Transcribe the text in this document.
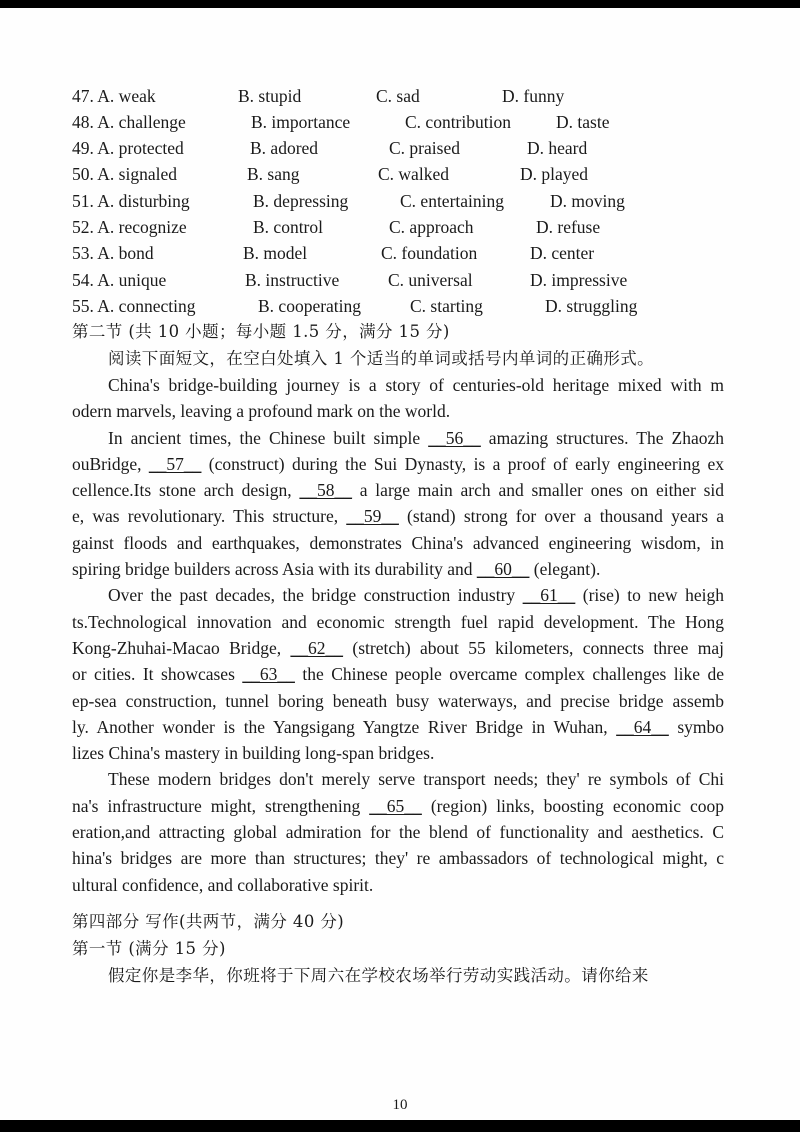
47. A. weak	B. stupid	C. sad	D. funny
48. A. challenge	B. importance	C. contribution	D. taste
49. A. protected	B. adored	C. praised	D. heard
50. A. signaled	B. sang	C. walked	D. played
51. A. disturbing	B. depressing	C. entertaining	D. moving
52. A. recognize	B. control	C. approach	D. refuse
53. A. bond	B. model	C. foundation	D. center
54. A. unique	B. instructive	C. universal	D. impressive
55. A. connecting	B. cooperating	C. starting	D. struggling
第二节 (共 10 小题；每小题 1.5 分，满分 15 分)
阅读下面短文，在空白处填入 1 个适当的单词或括号内单词的正确形式。
China's bridge-building journey is a story of centuries-old heritage mixed with m
odern marvels, leaving a profound mark on the world.
In ancient times, the Chinese built simple __56__ amazing structures. The Zhaozh
ouBridge, __57__ (construct) during the Sui Dynasty, is a proof of early engineering ex
cellence.Its stone arch design, __58__ a large main arch and smaller ones on either sid
e, was revolutionary. This structure, __59__ (stand) strong for over a thousand years a
gainst floods and earthquakes, demonstrates China's advanced engineering wisdom, in
spiring bridge builders across Asia with its durability and __60__ (elegant).
Over the past decades, the bridge construction industry __61__ (rise) to new heigh
ts.Technological innovation and economic strength fuel rapid development. The Hong
Kong-Zhuhai-Macao Bridge, __62__ (stretch) about 55 kilometers, connects three maj
or cities. It showcases __63__ the Chinese people overcame complex challenges like de
ep-sea construction, tunnel boring beneath busy waterways, and precise bridge assemb
ly. Another wonder is the Yangsigang Yangtze River Bridge in Wuhan, __64__ symbo
lizes China's mastery in building long-span bridges.
These modern bridges don't merely serve transport needs; they' re symbols of Chi
na's infrastructure might, strengthening __65__ (region) links, boosting economic coop
eration,and attracting global admiration for the blend of functionality and aesthetics. C
hina's bridges are more than structures; they' re ambassadors of technological might, c
ultural confidence, and collaborative spirit.
第四部分 写作(共两节，满分 40 分)
第一节 (满分 15 分)
假定你是李华，你班将于下周六在学校农场举行劳动实践活动。请你给来
10
